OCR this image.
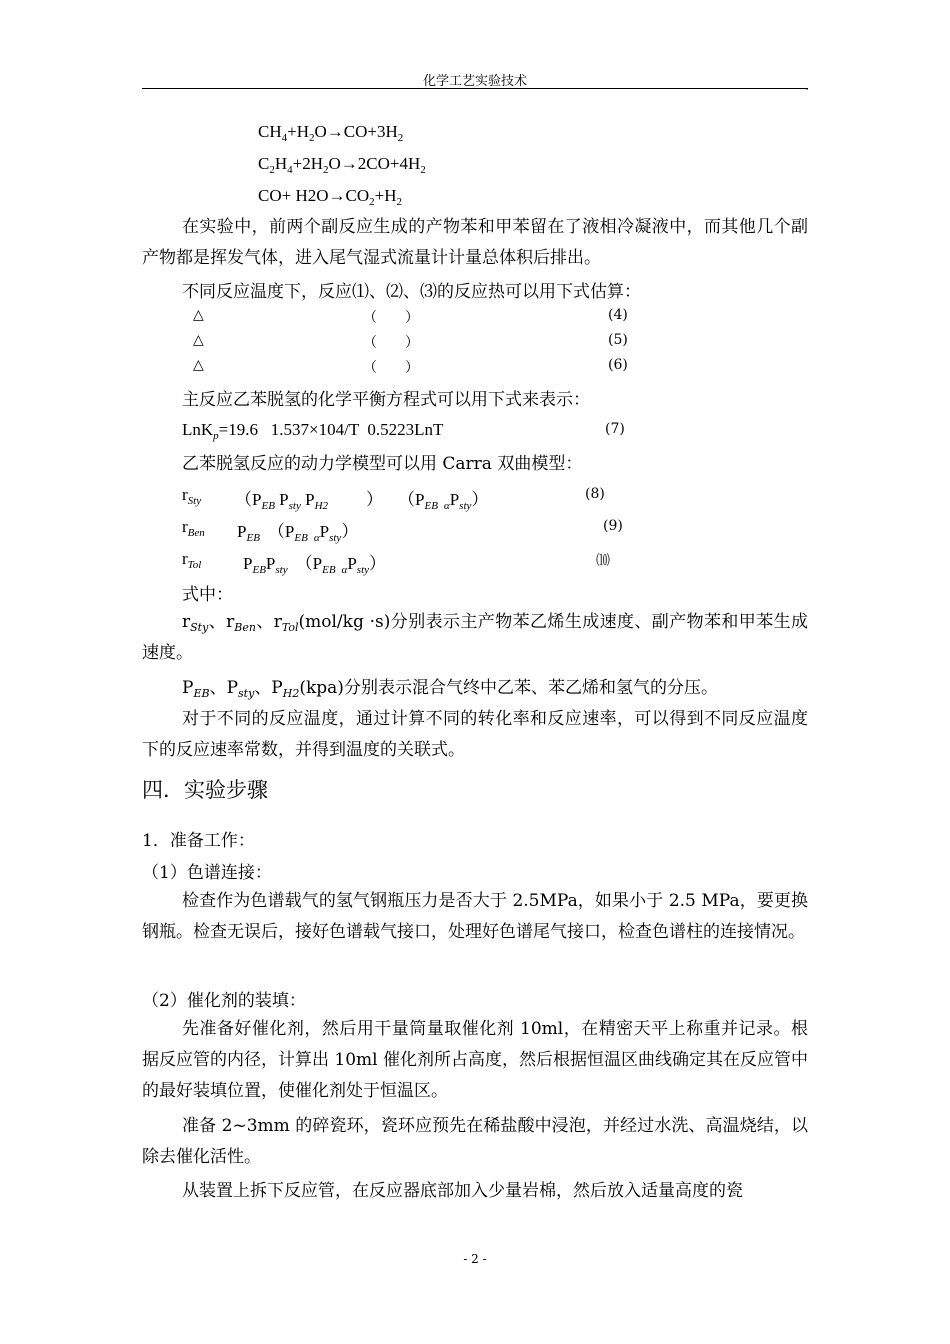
化学工艺实验技术	,
$CH_4+H_2O\to CO+3H_2$
$C_2H_4+2H_2O\to 2CO+4H_2$
$CO+ H2O\to CO_2+H_2$
在实验中，前两个副反应生成的产物苯和甲苯留在了液相冷凝液中，而其他几个副产物都是挥发气体，进入尾气湿式流量计计量总体积后排出。
不同反应温度下，反应⑴、⑵、⑶的反应热可以用下式估算：
△	（　　）	(4)
△	（　　）	(5)
△	（　　）	(6)
主反应乙苯脱氢的化学平衡方程式可以用下式来表示：
LnK$_p$=19.6   1.537×104/T  0.5223LnT	(7)
乙苯脱氢反应的动力学模型可以用 Carra 双曲模型：
$r_{Sty}$ （$P_{EB}$ $P_{sty}$ $P_{H2}$ ） （$P_{EB}$ $_\alpha P_{sty}$）	(8)
$r_{Ben}$ $P_{EB}$ （$P_{EB}$ $_\alpha P_{sty}$）	(9)
$r_{Tol}$ $P_{EB}P_{sty}$ （$P_{EB}$ $_\alpha P_{sty}$）	⑽
式中：
$r_{Sty}$、$r_{Ben}$、$r_{Tol}(mol/kg \cdot s)$分别表示主产物苯乙烯生成速度、副产物苯和甲苯生成速度。
$P_{EB}$、$P_{sty}$、$P_{H2}(kpa)$分别表示混合气终中乙苯、苯乙烯和氢气的分压。
对于不同的反应温度，通过计算不同的转化率和反应速率，可以得到不同反应温度下的反应速率常数，并得到温度的关联式。
四．实验步骤
1．准备工作：
（1）色谱连接：
检查作为色谱载气的氢气钢瓶压力是否大于 2.5MPa，如果小于 2.5 MPa，要更换钢瓶。检查无误后，接好色谱载气接口，处理好色谱尾气接口，检查色谱柱的连接情况。
（2）催化剂的装填：
先准备好催化剂，然后用干量筒量取催化剂 10ml，在精密天平上称重并记录。根据反应管的内径，计算出 10ml 催化剂所占高度，然后根据恒温区曲线确定其在反应管中的最好装填位置，使催化剂处于恒温区。
准备 2~3mm 的碎瓷环，瓷环应预先在稀盐酸中浸泡，并经过水洗、高温烧结，以除去催化活性。
从装置上拆下反应管，在反应器底部加入少量岩棉，然后放入适量高度的瓷
- 2 -
